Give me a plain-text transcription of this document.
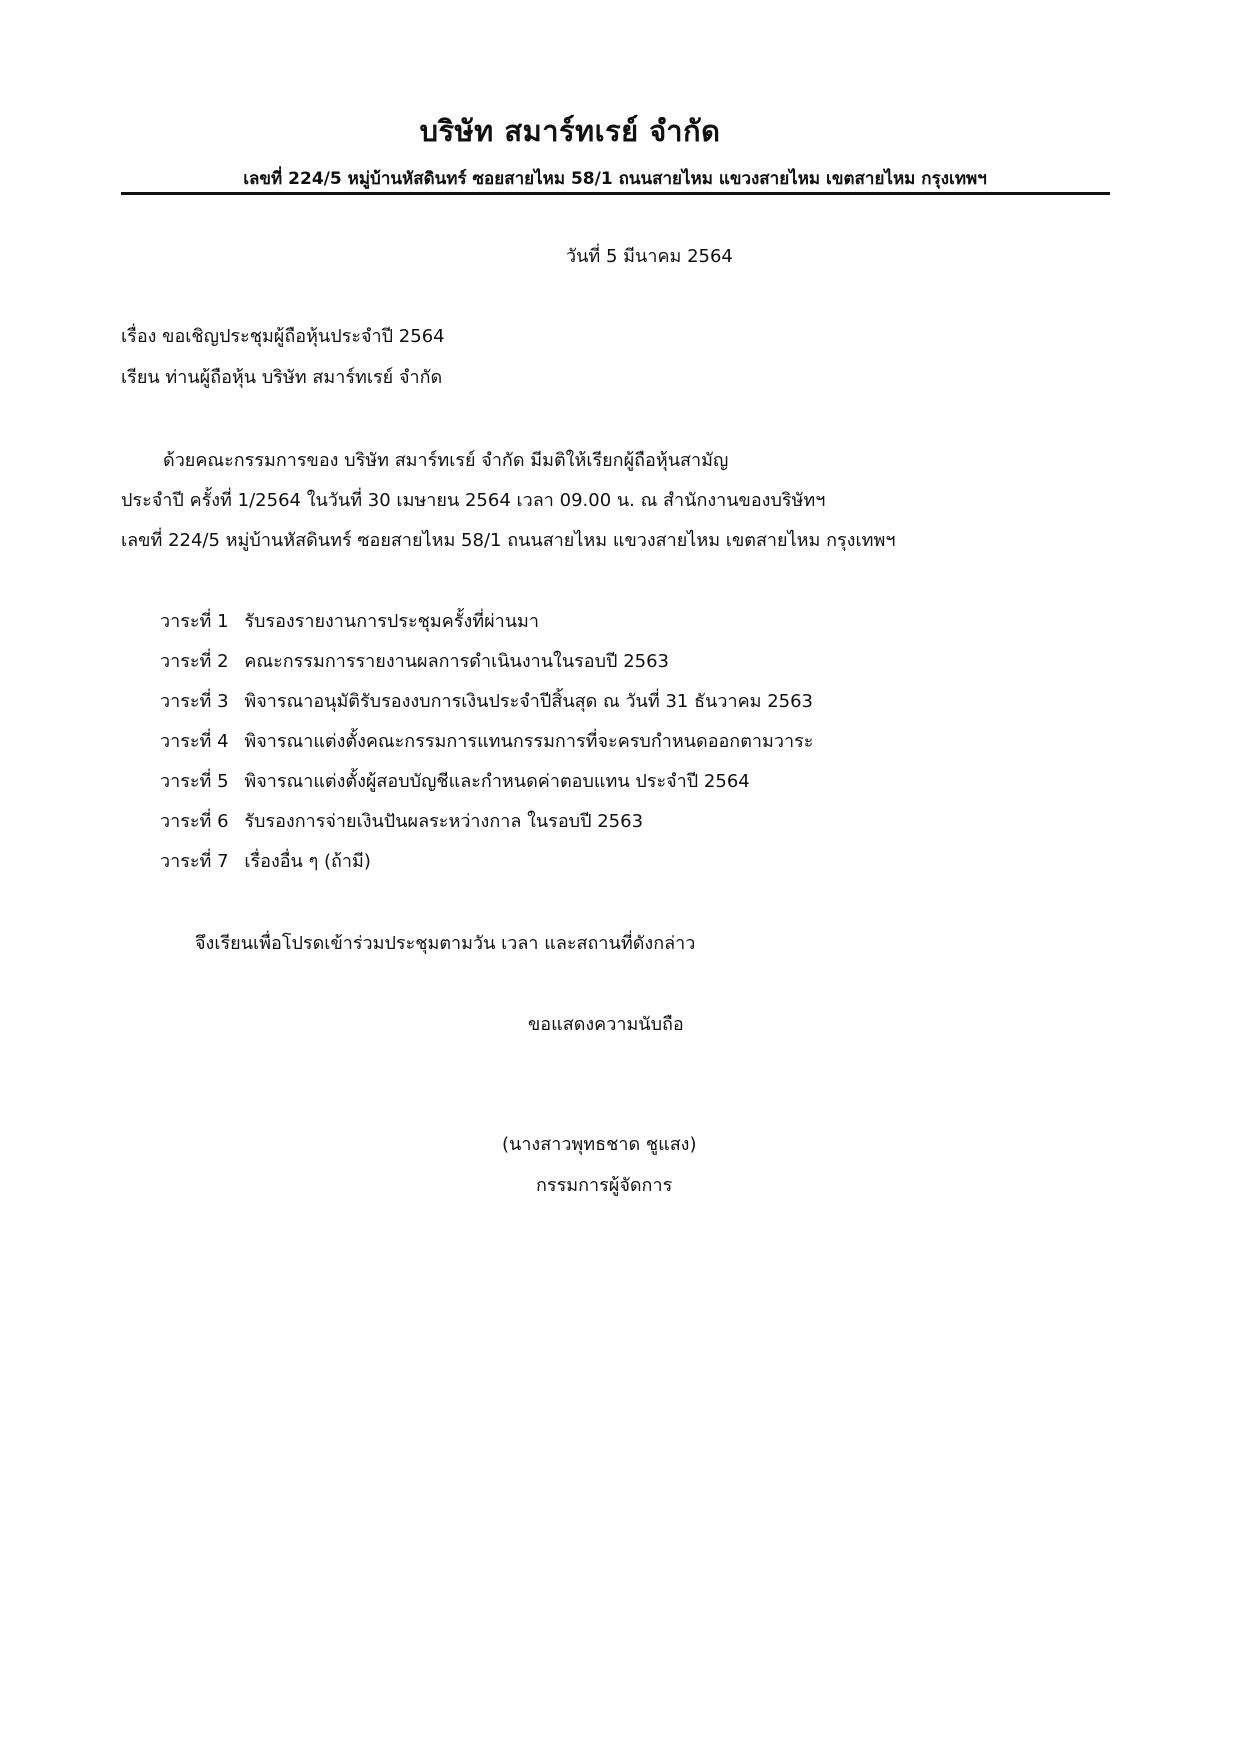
บริษัท สมาร์ทเรย์ จำกัด
เลขที่ 224/5 หมู่บ้านหัสดินทร์ ซอยสายไหม 58/1 ถนนสายไหม แขวงสายไหม เขตสายไหม กรุงเทพฯ
วันที่ 5 มีนาคม 2564
เรื่อง ขอเชิญประชุมผู้ถือหุ้นประจำปี 2564
เรียน ท่านผู้ถือหุ้น บริษัท สมาร์ทเรย์ จำกัด
ด้วยคณะกรรมการของ บริษัท สมาร์ทเรย์ จำกัด มีมติให้เรียกผู้ถือหุ้นสามัญ
ประจำปี ครั้งที่ 1/2564 ในวันที่ 30 เมษายน 2564 เวลา 09.00 น. ณ สำนักงานของบริษัทฯ
เลขที่ 224/5 หมู่บ้านหัสดินทร์ ซอยสายไหม 58/1 ถนนสายไหม แขวงสายไหม เขตสายไหม กรุงเทพฯ
วาระที่ 1 รับรองรายงานการประชุมครั้งที่ผ่านมา
วาระที่ 2 คณะกรรมการรายงานผลการดำเนินงานในรอบปี 2563
วาระที่ 3 พิจารณาอนุมัติรับรองงบการเงินประจำปีสิ้นสุด ณ วันที่ 31 ธันวาคม 2563
วาระที่ 4 พิจารณาแต่งตั้งคณะกรรมการแทนกรรมการที่จะครบกำหนดออกตามวาระ
วาระที่ 5 พิจารณาแต่งตั้งผู้สอบบัญชีและกำหนดค่าตอบแทน ประจำปี 2564
วาระที่ 6 รับรองการจ่ายเงินปันผลระหว่างกาล ในรอบปี 2563
วาระที่ 7 เรื่องอื่น ๆ (ถ้ามี)
จึงเรียนเพื่อโปรดเข้าร่วมประชุมตามวัน เวลา และสถานที่ดังกล่าว
ขอแสดงความนับถือ
(นางสาวพุทธชาด ชูแสง)
กรรมการผู้จัดการ
